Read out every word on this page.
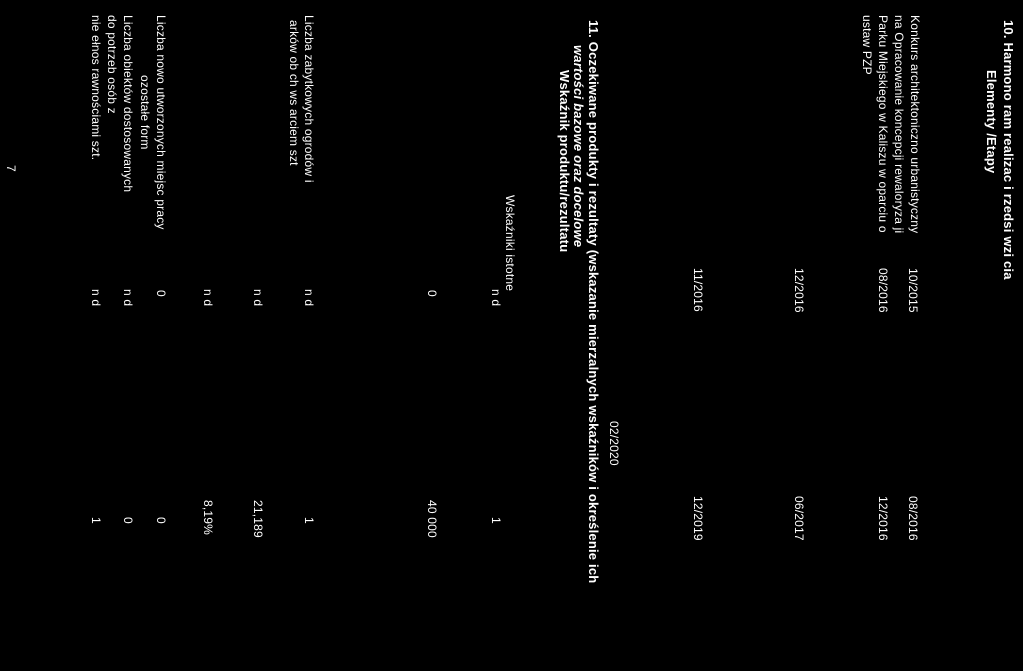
10. Harmono ram realizac i rzedsi wzi cia
Elementy /Etapy
Konkurs architektoniczno urbanistyczny
na Opracowanie koncepcji rewaloryza ji
Parku Miejskiego w Kaliszu w oparciu o
ustaw PZP
10/2015
08/2016
12/2016
11/2016
02/2020
08/2016
12/2016
06/2017
12/2019
11. Oczekiwane produkty i rezultaty (wskazanie mierzalnych wskaźników i określenie ich
wartości bazowe oraz docelowe
Wskaźnik produktu/rezultatu
Wskaźniki istotne
n d
1
0
40 000
Liczba zabytkowych ogrodów i
arków ob ch ws arciem szt
n d
1
n d
21,189
n d
8,19%
Liczba nowo utworzonych miejsc pracy
ozostałe form
0
0
Liczba obiektów dostosowanych
do potrzeb osób z
n d
0
nie ełnos rawnościami szt.
n d
1
7
